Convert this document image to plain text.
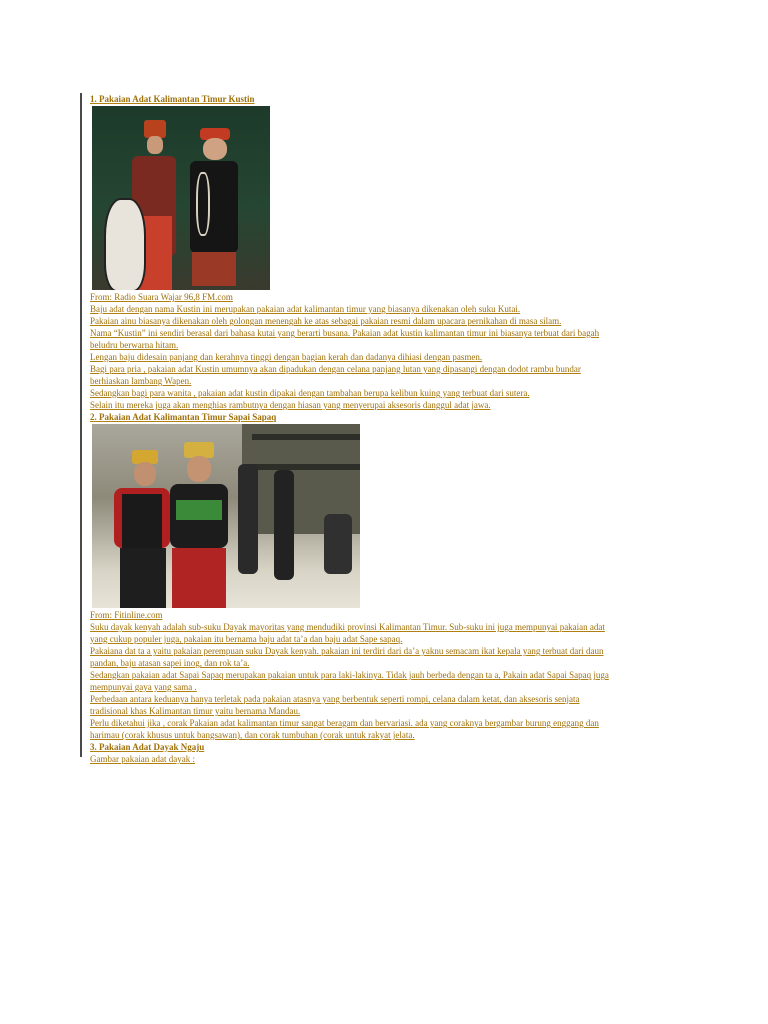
1. Pakaian Adat Kalimantan Timur Kustin
From: Radio Suara Wajar 96,8 FM.com
Baju adat dengan nama Kustin ini merupakan pakaian adat kalimantan timur yang biasanya dikenakan oleh suku Kutai.
Pakaian ainu biasanya dikenakan oleh golongan menengah ke atas sebagai pakaian resmi dalam upacara pernikahan di masa silam.
Nama “Kustin” ini sendiri berasal dari bahasa kutai yang berarti busana. Pakaian adat kustin kalimantan timur ini biasanya terbuat dari bagah
beludru berwarna hitam.
Lengan baju didesain panjang dan kerahnya tinggi dengan bagian kerah dan dadanya dihiasi dengan pasmen.
Bagi para pria , pakaian adat Kustin umumnya akan dipadukan dengan celana panjang lutan yang dipasangi dengan dodot rambu bundar
berhiaskan lambang Wapen.
Sedangkan bagi para wanita , pakaian adat kustin dipakai dengan tambahan berupa kelibun kuing yang terbuat dari sutera.
Selain itu mereka juga akan menghias rambutnya dengan hiasan yang menyerupai aksesoris danggul adat jawa.
2. Pakaian Adat Kalimantan Timur Sapai Sapaq
From: Fitinline.com
Suku dayak kenyah adalah sub-suku Dayak mayoritas yang mendudiki provinsi Kalimantan Timur. Sub-suku ini juga mempunyai pakaian adat
yang cukup populer juga, pakaian itu bernama baju adat ta’a dan baju adat Sape sapaq.
Pakaiana dat ta a yaitu pakaian perempuan suku Dayak kenyah. pakaian ini terdiri dari da’a yaknu semacam ikat kepala yang terbuat dari daun
pandan, baju atasan sapei inog, dan rok ta’a.
Sedangkan pakaian adat Sapai Sapaq merupakan pakaian untuk para laki-lakinya. Tidak jauh berbeda dengan ta a, Pakain adat Sapai Sapaq juga
mempunyai gaya yang sama .
Perbedaan antara keduanya hanya terletak pada pakaian atasnya yang berbentuk seperti rompi, celana dalam ketat, dan aksesoris senjata
tradisional khas Kalimantan timur yaitu bernama Mandau.
Perlu diketahui jika , corak Pakaian adat kalimantan timur sangat beragam dan bervariasi. ada yang coraknya bergambar burung enggang dan
harimau (corak khusus untuk bangsawan), dan corak tumbuhan (corak untuk rakyat jelata.
3. Pakaian Adat Dayak Ngaju
Gambar pakaian adat dayak :
